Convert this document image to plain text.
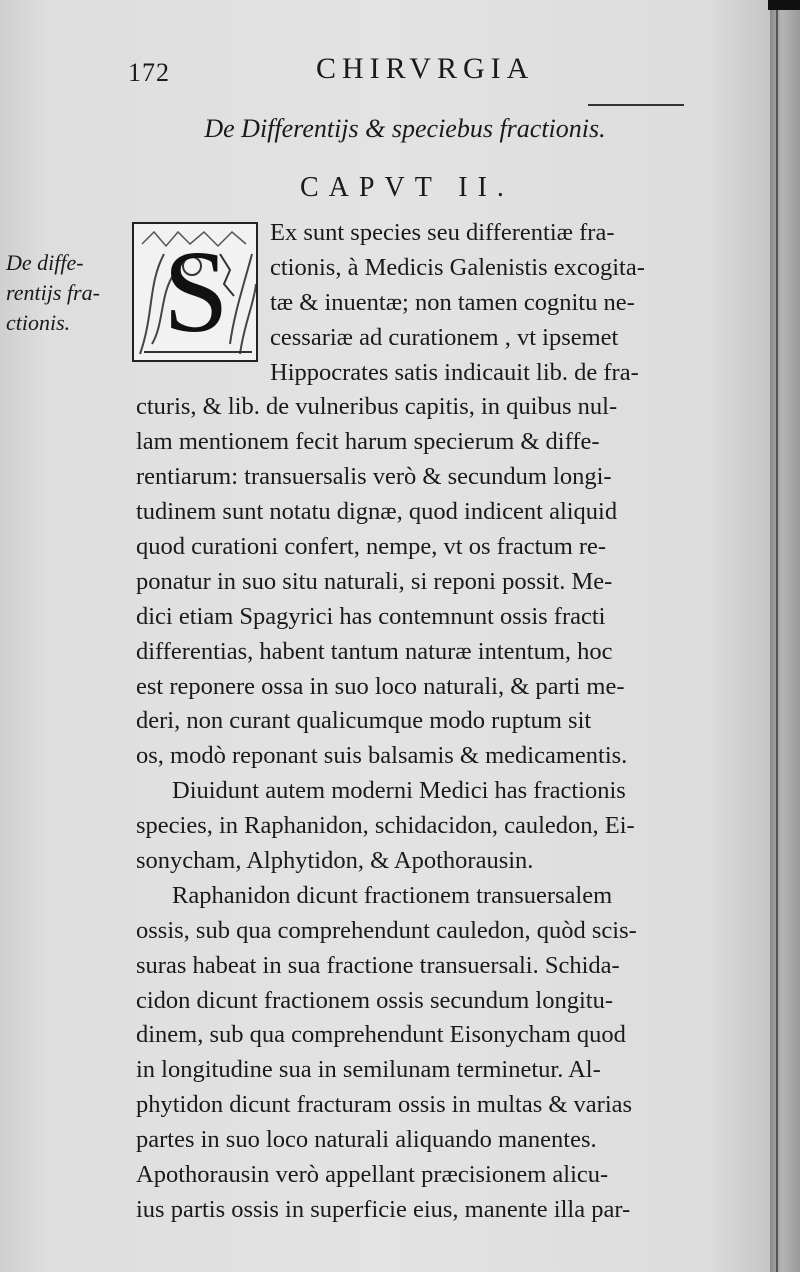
172	CHIRVRGIA
De Differentijs & speciebus fractionis.
CAPVT II.
De diffe-
rentijs fra-
ctionis. S	Ex sunt species seu differentiæ fra-
ctionis, à Medicis Galenistis excogita-
tæ & inuentæ; non tamen cognitu ne-
cessariæ ad curationem , vt ipsemet
Hippocrates satis indicauit lib. de fra-
cturis, & lib. de vulneribus capitis, in quibus nul-
lam mentionem fecit harum specierum & diffe-
rentiarum: transuersalis verò & secundum longi-
tudinem sunt notatu dignæ, quod indicent aliquid
quod curationi confert, nempe, vt os fractum re-
ponatur in suo situ naturali, si reponi possit. Me-
dici etiam Spagyrici has contemnunt ossis fracti
differentias, habent tantum naturæ intentum, hoc
est reponere ossa in suo loco naturali, & parti me-
deri, non curant qualicumque modo ruptum sit
os, modò reponant suis balsamis & medicamentis.
Diuidunt autem moderni Medici has fractionis
species, in Raphanidon, schidacidon, cauledon, Ei-
sonycham, Alphytidon, & Apothorausin.
Raphanidon dicunt fractionem transuersalem
ossis, sub qua comprehendunt cauledon, quòd scis-
suras habeat in sua fractione transuersali. Schida-
cidon dicunt fractionem ossis secundum longitu-
dinem, sub qua comprehendunt Eisonycham quod
in longitudine sua in semilunam terminetur. Al-
phytidon dicunt fracturam ossis in multas & varias
partes in suo loco naturali aliquando manentes.
Apothorausin verò appellant præcisionem alicu-
ius partis ossis in superficie eius, manente illa par-
